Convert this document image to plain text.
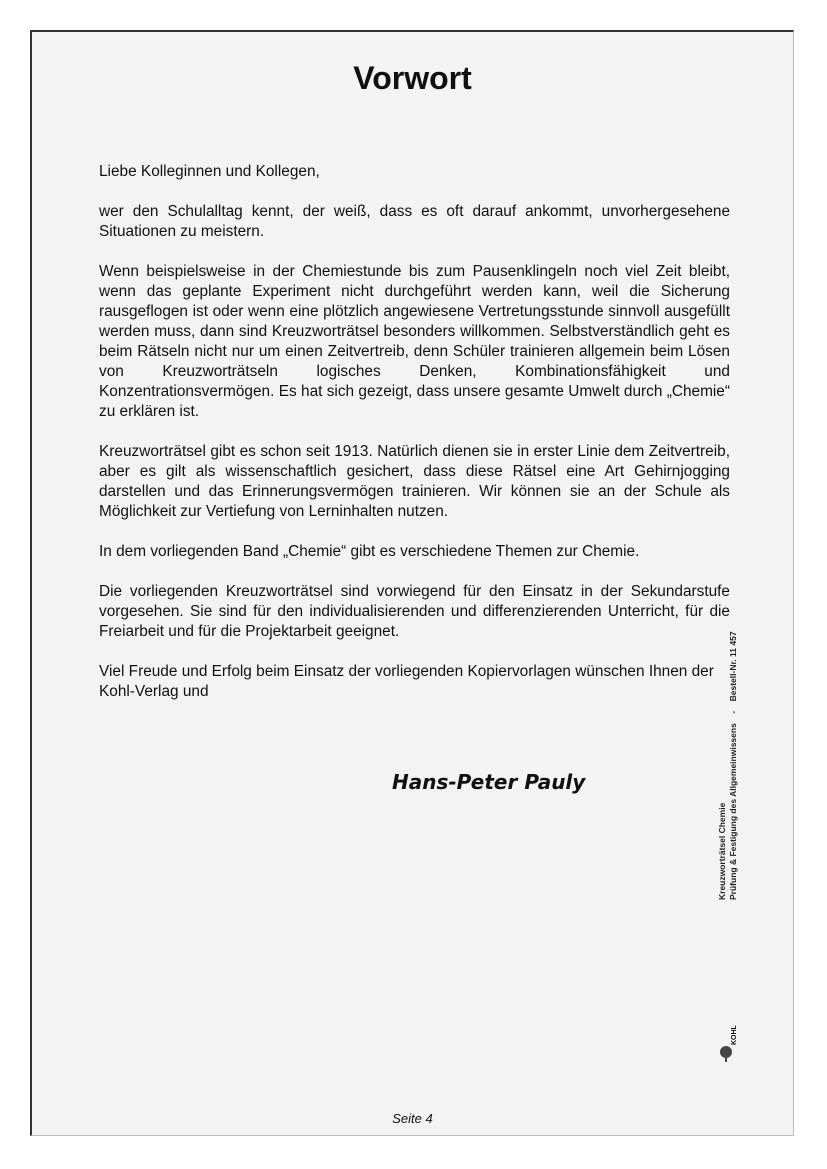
Vorwort

Liebe Kolleginnen und Kollegen,

wer den Schulalltag kennt, der weiß, dass es oft darauf ankommt, unvorhergesehene Situationen zu meistern.

Wenn beispielsweise in der Chemiestunde bis zum Pausenklingeln noch viel Zeit bleibt, wenn das geplante Experiment nicht durchgeführt werden kann, weil die Sicherung rausgeflogen ist oder wenn eine plötzlich angewiesene Vertretungsstunde sinnvoll ausgefüllt werden muss, dann sind Kreuzworträtsel besonders willkommen. Selbstverständlich geht es beim Rätseln nicht nur um einen Zeitvertreib, denn Schüler trainieren allgemein beim Lösen von Kreuzworträtseln logisches Denken, Kombinationsfähigkeit und Konzentrationsvermögen. Es hat sich gezeigt, dass unsere gesamte Umwelt durch „Chemie“ zu erklären ist.

Kreuzworträtsel gibt es schon seit 1913. Natürlich dienen sie in erster Linie dem Zeitvertreib, aber es gilt als wissenschaftlich gesichert, dass diese Rätsel eine Art Gehirnjogging darstellen und das Erinnerungsvermögen trainieren. Wir können sie an der Schule als Möglichkeit zur Vertiefung von Lerninhalten nutzen.

In dem vorliegenden Band „Chemie“ gibt es verschiedene Themen zur Chemie.

Die vorliegenden Kreuzworträtsel sind vorwiegend für den Einsatz in der Sekundarstufe vorgesehen. Sie sind für den individualisierenden und differenzierenden Unterricht, für die Freiarbeit und für die Projektarbeit geeignet.

Viel Freude und Erfolg beim Einsatz der vorliegenden Kopiervorlagen wünschen Ihnen der Kohl-Verlag und

Hans-Peter Pauly
Seite 4
Kreuzworträtsel Chemie Prüfung & Festigung des Allgemeinwissens    -    Bestell-Nr. 11 457
KOHL
